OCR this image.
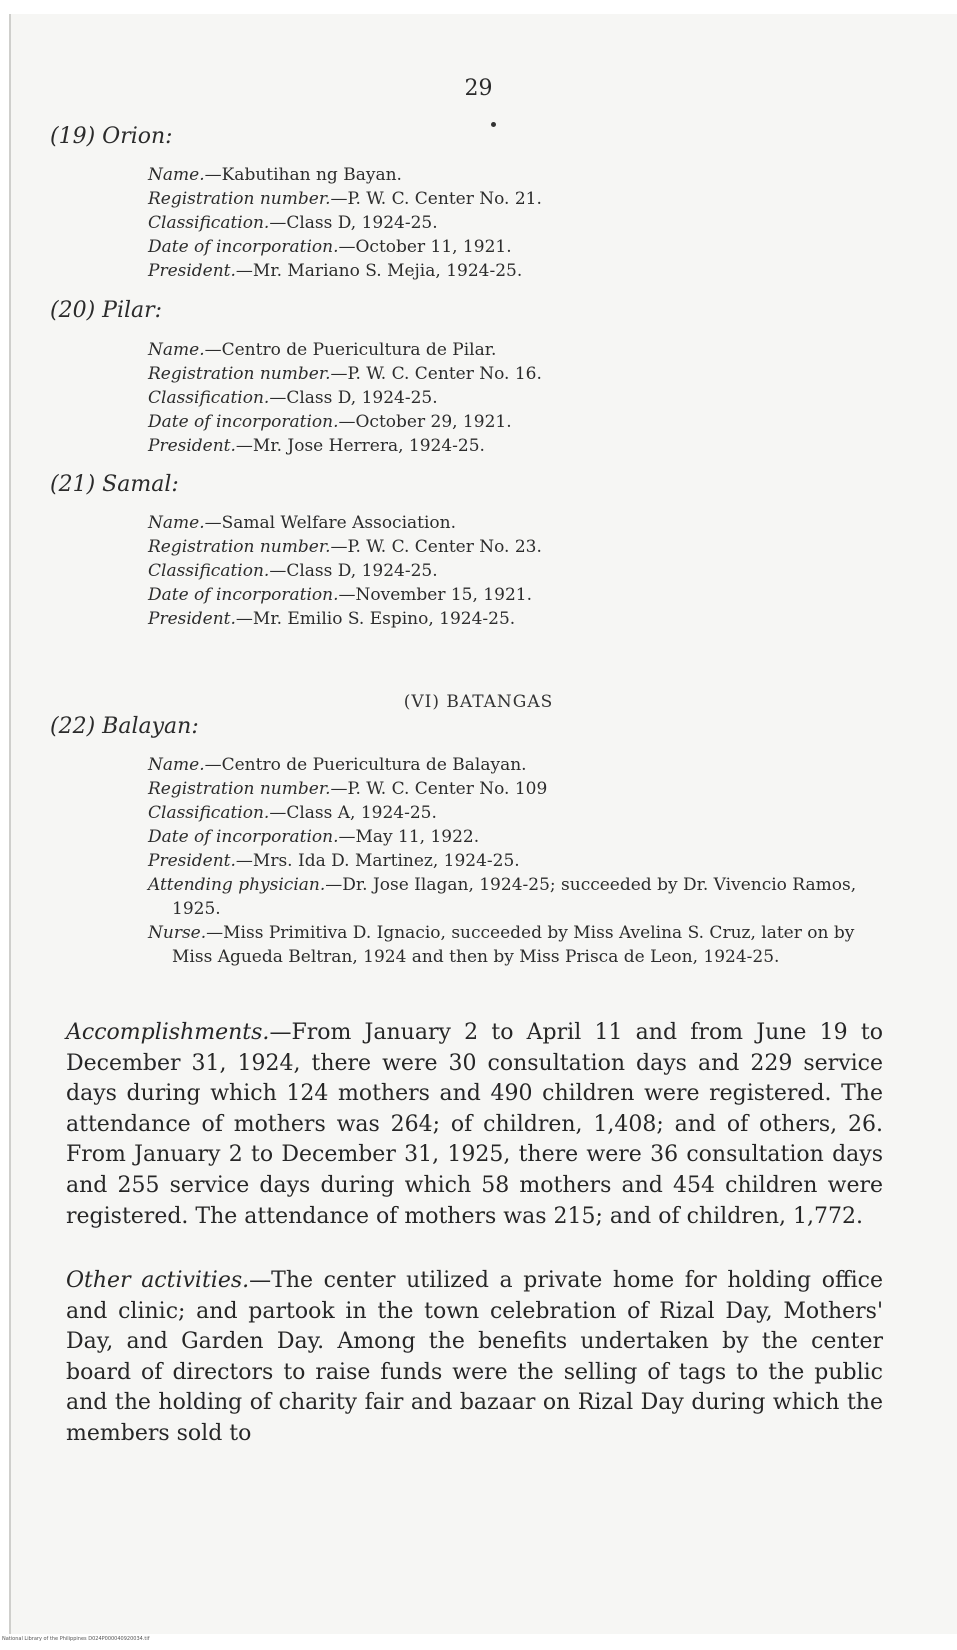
29
(19) Orion:
Name.—Kabutihan ng Bayan.
Registration number.—P. W. C. Center No. 21.
Classification.—Class D, 1924-25.
Date of incorporation.—October 11, 1921.
President.—Mr. Mariano S. Mejia, 1924-25.
(20) Pilar:
Name.—Centro de Puericultura de Pilar.
Registration number.—P. W. C. Center No. 16.
Classification.—Class D, 1924-25.
Date of incorporation.—October 29, 1921.
President.—Mr. Jose Herrera, 1924-25.
(21) Samal:
Name.—Samal Welfare Association.
Registration number.—P. W. C. Center No. 23.
Classification.—Class D, 1924-25.
Date of incorporation.—November 15, 1921.
President.—Mr. Emilio S. Espino, 1924-25.
(VI) BATANGAS
(22) Balayan:
Name.—Centro de Puericultura de Balayan.
Registration number.—P. W. C. Center No. 109
Classification.—Class A, 1924-25.
Date of incorporation.—May 11, 1922.
President.—Mrs. Ida D. Martinez, 1924-25.
Attending physician.—Dr. Jose Ilagan, 1924-25; succeeded by Dr. Vivencio Ramos, 1925.
Nurse.—Miss Primitiva D. Ignacio, succeeded by Miss Avelina S. Cruz, later on by Miss Agueda Beltran, 1924 and then by Miss Prisca de Leon, 1924-25.

Accomplishments.—From January 2 to April 11 and from June 19 to December 31, 1924, there were 30 consultation days and 229 service days during which 124 mothers and 490 children were registered. The attendance of mothers was 264; of children, 1,408; and of others, 26. From January 2 to December 31, 1925, there were 36 consultation days and 255 service days during which 58 mothers and 454 children were registered. The attendance of mothers was 215; and of children, 1,772.

Other activities.—The center utilized a private home for holding office and clinic; and partook in the town celebration of Rizal Day, Mothers' Day, and Garden Day. Among the benefits undertaken by the center board of directors to raise funds were the selling of tags to the public and the holding of charity fair and bazaar on Rizal Day during which the members sold to

National Library of the Philippines D024P000040920034.tif
